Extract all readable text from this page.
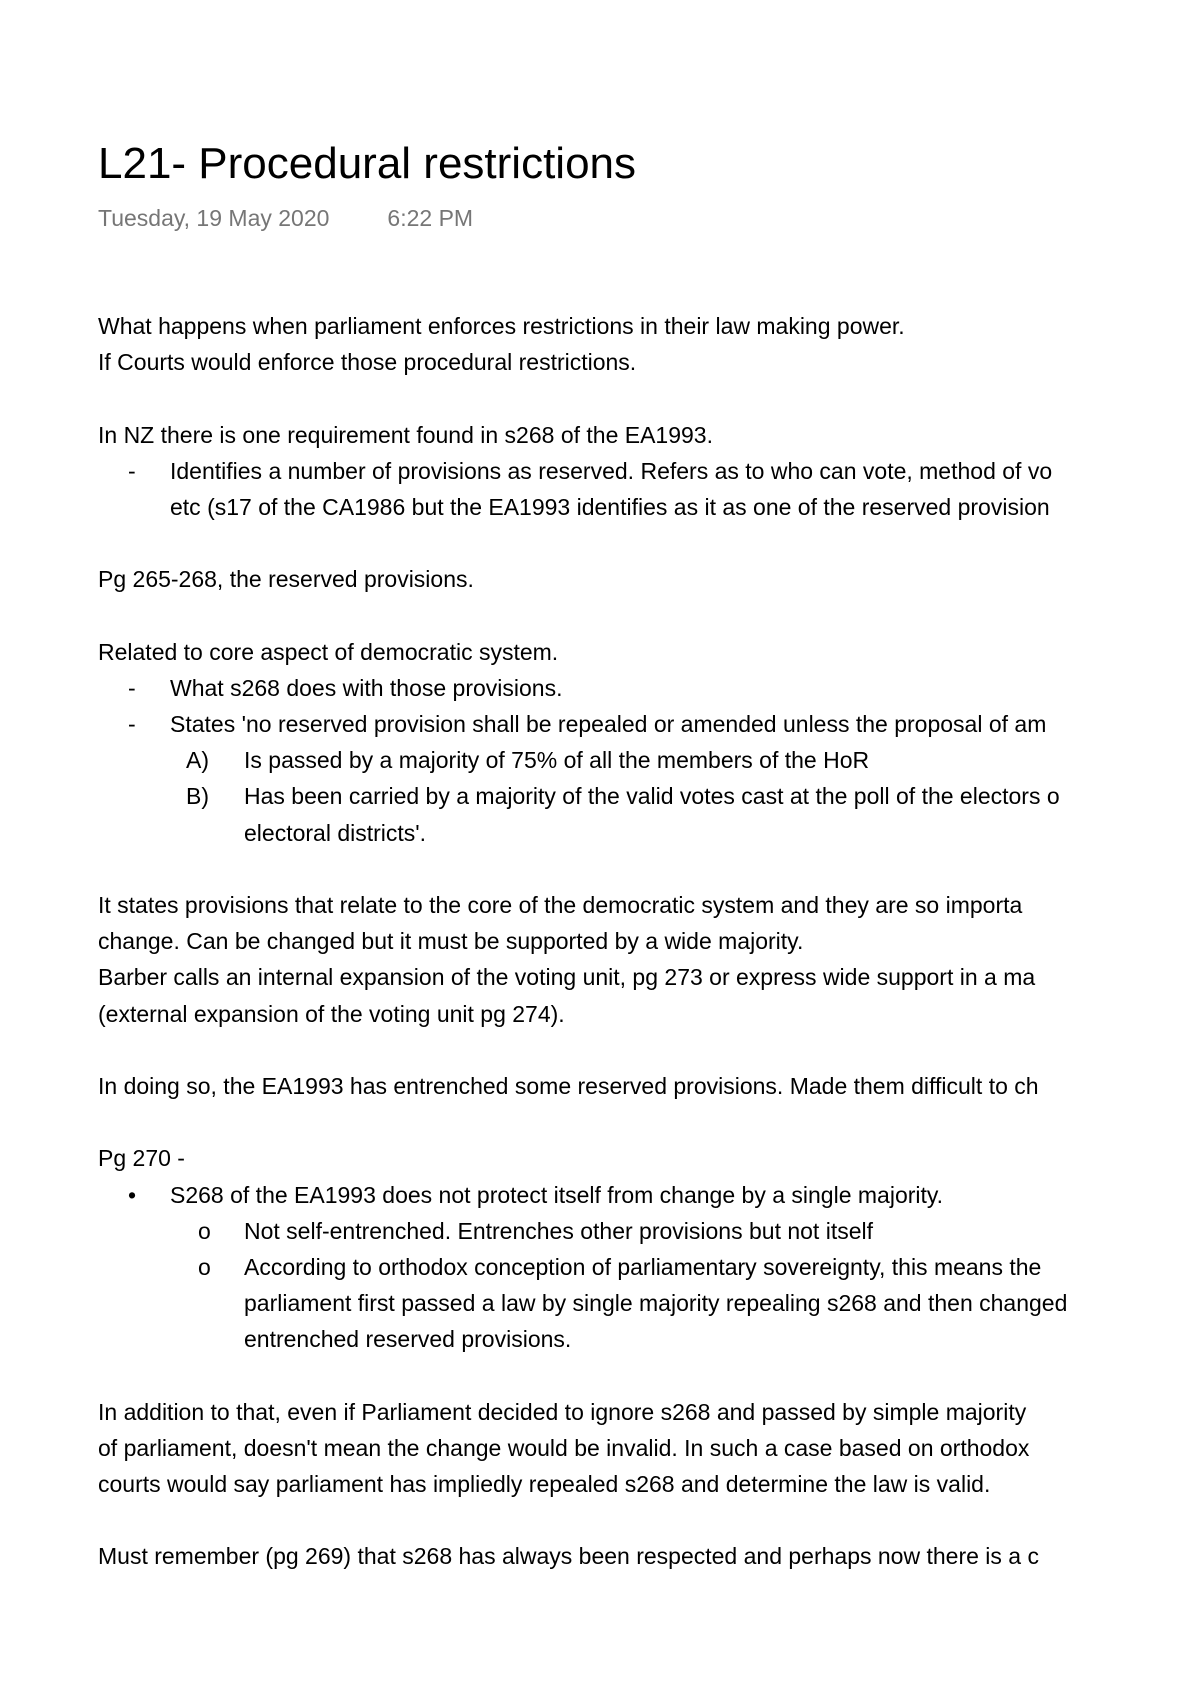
L21- Procedural restrictions
Tuesday, 19 May 2020	6:22 PM
What happens when parliament enforces restrictions in their law making power.
If Courts would enforce those procedural restrictions.
In NZ there is one requirement found in s268 of the EA1993.
- Identifies a number of provisions as reserved. Refers as to who can vote, method of vo
etc (s17 of the CA1986 but the EA1993 identifies as it as one of the reserved provision
Pg 265-268, the reserved provisions.
Related to core aspect of democratic system.
- What s268 does with those provisions.
- States 'no reserved provision shall be repealed or amended unless the proposal of am
A) Is passed by a majority of 75% of all the members of the HoR
B) Has been carried by a majority of the valid votes cast at the poll of the electors o
electoral districts'.
It states provisions that relate to the core of the democratic system and they are so importa
change. Can be changed but it must be supported by a wide majority.
Barber calls an internal expansion of the voting unit, pg 273 or express wide support in a ma
(external expansion of the voting unit pg 274).
In doing so, the EA1993 has entrenched some reserved provisions. Made them difficult to ch
Pg 270 -
• S268 of the EA1993 does not protect itself from change by a single majority.
o Not self-entrenched. Entrenches other provisions but not itself
o According to orthodox conception of parliamentary sovereignty, this means the
parliament first passed a law by single majority repealing s268 and then changed
entrenched reserved provisions.
In addition to that, even if Parliament decided to ignore s268 and passed by simple majority
of parliament, doesn't mean the change would be invalid. In such a case based on orthodox
courts would say parliament has impliedly repealed s268 and determine the law is valid.
Must remember (pg 269) that s268 has always been respected and perhaps now there is a c
